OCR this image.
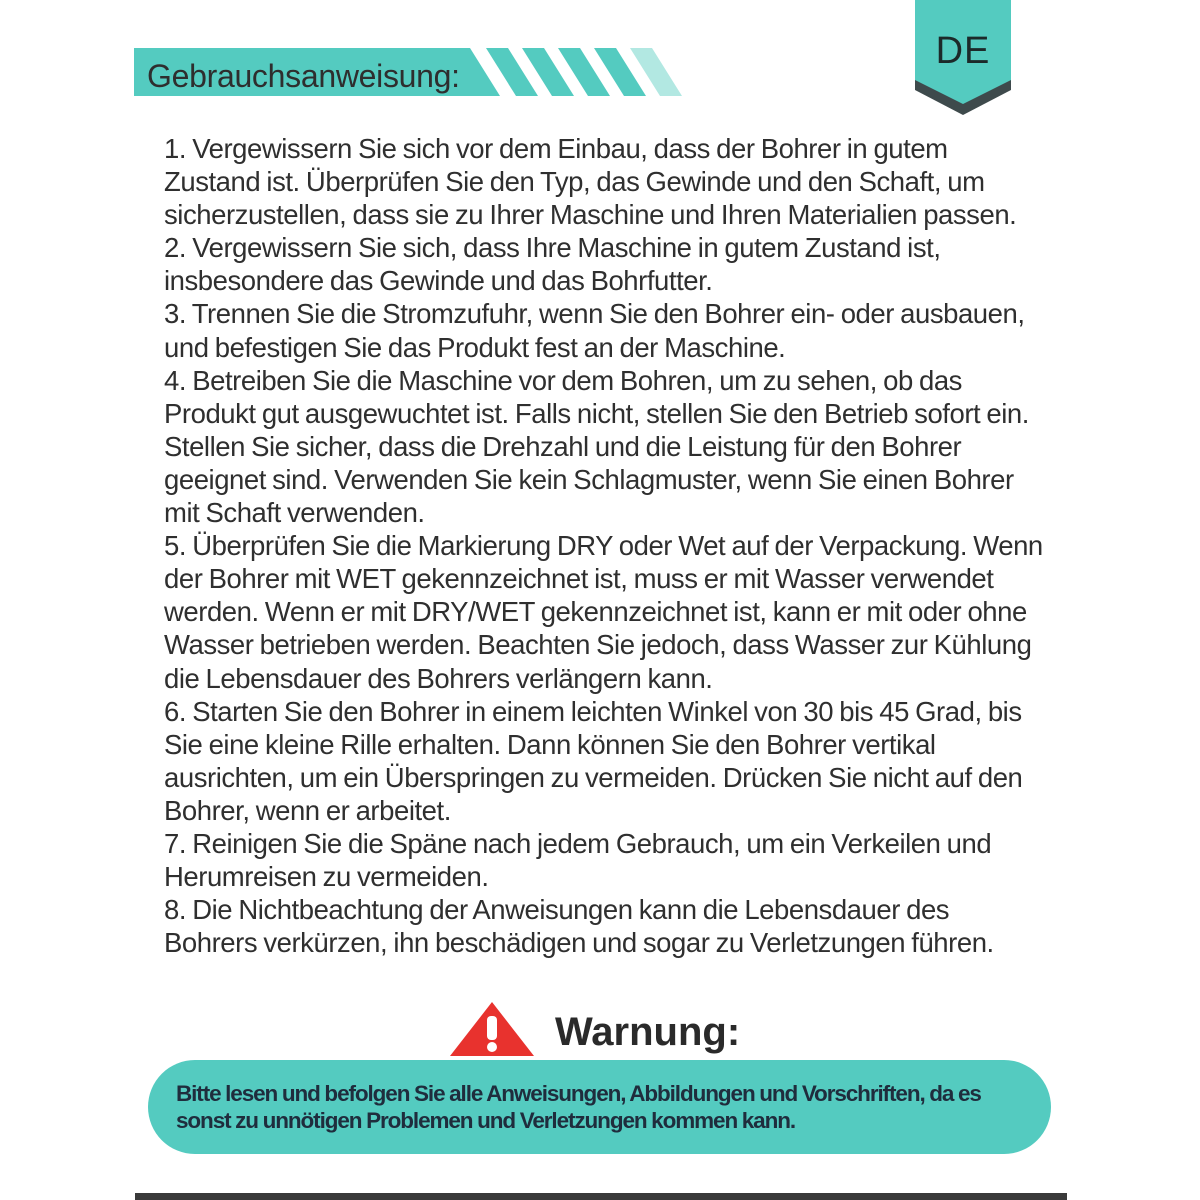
Gebrauchsanweisung:
DE

1. Vergewissern Sie sich vor dem Einbau, dass der Bohrer in gutem Zustand ist. Überprüfen Sie den Typ, das Gewinde und den Schaft, um sicherzustellen, dass sie zu Ihrer Maschine und Ihren Materialien passen.

2. Vergewissern Sie sich, dass Ihre Maschine in gutem Zustand ist, insbesondere das Gewinde und das Bohrfutter.

3. Trennen Sie die Stromzufuhr, wenn Sie den Bohrer ein- oder ausbauen, und befestigen Sie das Produkt fest an der Maschine.

4. Betreiben Sie die Maschine vor dem Bohren, um zu sehen, ob das Produkt gut ausgewuchtet ist. Falls nicht, stellen Sie den Betrieb sofort ein. Stellen Sie sicher, dass die Drehzahl und die Leistung für den Bohrer geeignet sind. Verwenden Sie kein Schlagmuster, wenn Sie einen Bohrer mit Schaft verwenden.

5. Überprüfen Sie die Markierung DRY oder Wet auf der Verpackung. Wenn der Bohrer mit WET gekennzeichnet ist, muss er mit Wasser verwendet werden. Wenn er mit DRY/WET gekennzeichnet ist, kann er mit oder ohne Wasser betrieben werden. Beachten Sie jedoch, dass Wasser zur Kühlung die Lebensdauer des Bohrers verlängern kann.

6. Starten Sie den Bohrer in einem leichten Winkel von 30 bis 45 Grad, bis Sie eine kleine Rille erhalten. Dann können Sie den Bohrer vertikal ausrichten, um ein Überspringen zu vermeiden. Drücken Sie nicht auf den Bohrer, wenn er arbeitet.

7. Reinigen Sie die Späne nach jedem Gebrauch, um ein Verkeilen und Herumreisen zu vermeiden.

8. Die Nichtbeachtung der Anweisungen kann die Lebensdauer des Bohrers verkürzen, ihn beschädigen und sogar zu Verletzungen führen.

Warnung:
Bitte lesen und befolgen Sie alle Anweisungen, Abbildungen und Vorschriften, da es sonst zu unnötigen Problemen und Verletzungen kommen kann.
